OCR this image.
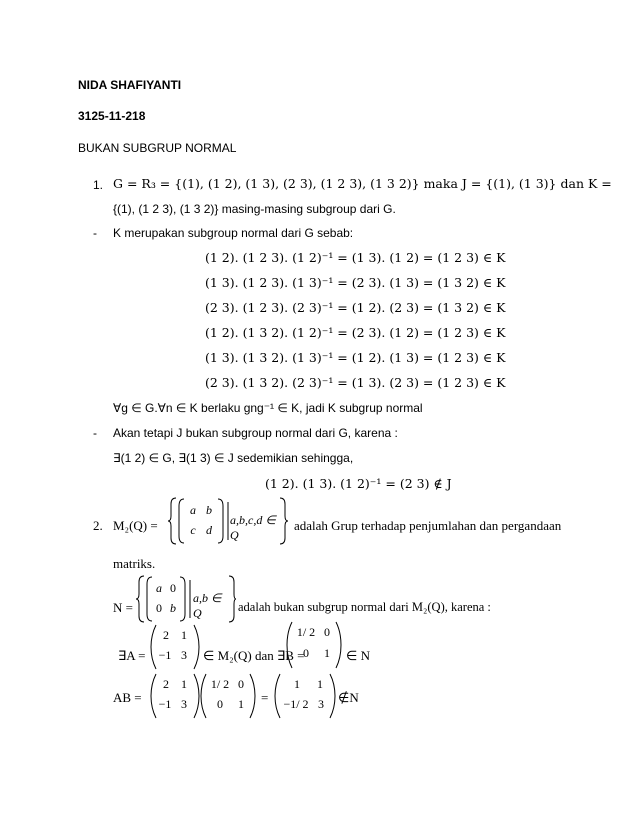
NIDA SHAFIYANTI
3125-11-218
BUKAN SUBGRUP NORMAL
1. G = R₃ = {(1), (1 2), (1 3), (2 3), (1 2 3), (1 3 2)} maka J = {(1), (1 3)} dan K =
{(1), (1 2 3), (1 3 2)} masing-masing subgroup dari G.
- K merupakan subgroup normal dari G sebab:
(1 2). (1 2 3). (1 2)⁻¹ = (1 3). (1 2) = (1 2 3) ∈ K
(1 3). (1 2 3). (1 3)⁻¹ = (2 3). (1 3) = (1 3 2) ∈ K
(2 3). (1 2 3). (2 3)⁻¹ = (1 2). (2 3) = (1 3 2) ∈ K
(1 2). (1 3 2). (1 2)⁻¹ = (2 3). (1 2) = (1 2 3) ∈ K
(1 3). (1 3 2). (1 3)⁻¹ = (1 2). (1 3) = (1 2 3) ∈ K
(2 3). (1 3 2). (2 3)⁻¹ = (1 3). (2 3) = (1 2 3) ∈ K
∀g ∈ G.∀n ∈ K berlaku gng⁻¹ ∈ K, jadi K subgrup normal
- Akan tetapi J bukan subgroup normal dari G, karena :
∃(1 2) ∈ G, ∃(1 3) ∈ J sedemikian sehingga,
(1 2). (1 3). (1 2)⁻¹ = (2 3) ∉ J
2. M₂(Q) =
a b
c d
a,b,c,d ∈ Q
adalah Grup terhadap penjumlahan dan pergandaan
matriks.
N =
a 0
0 b
a,b ∈ Q	adalah bukan subgrup normal dari M₂(Q), karena :
∃A =
2	1
−1 3	∈ M₂(Q) dan ∃B =
1/ 2 0
0	1	∈ N
AB =
2	1
−1 3
1/ 2 0
0	1	=
1	1
−1/ 2 3	∉N
